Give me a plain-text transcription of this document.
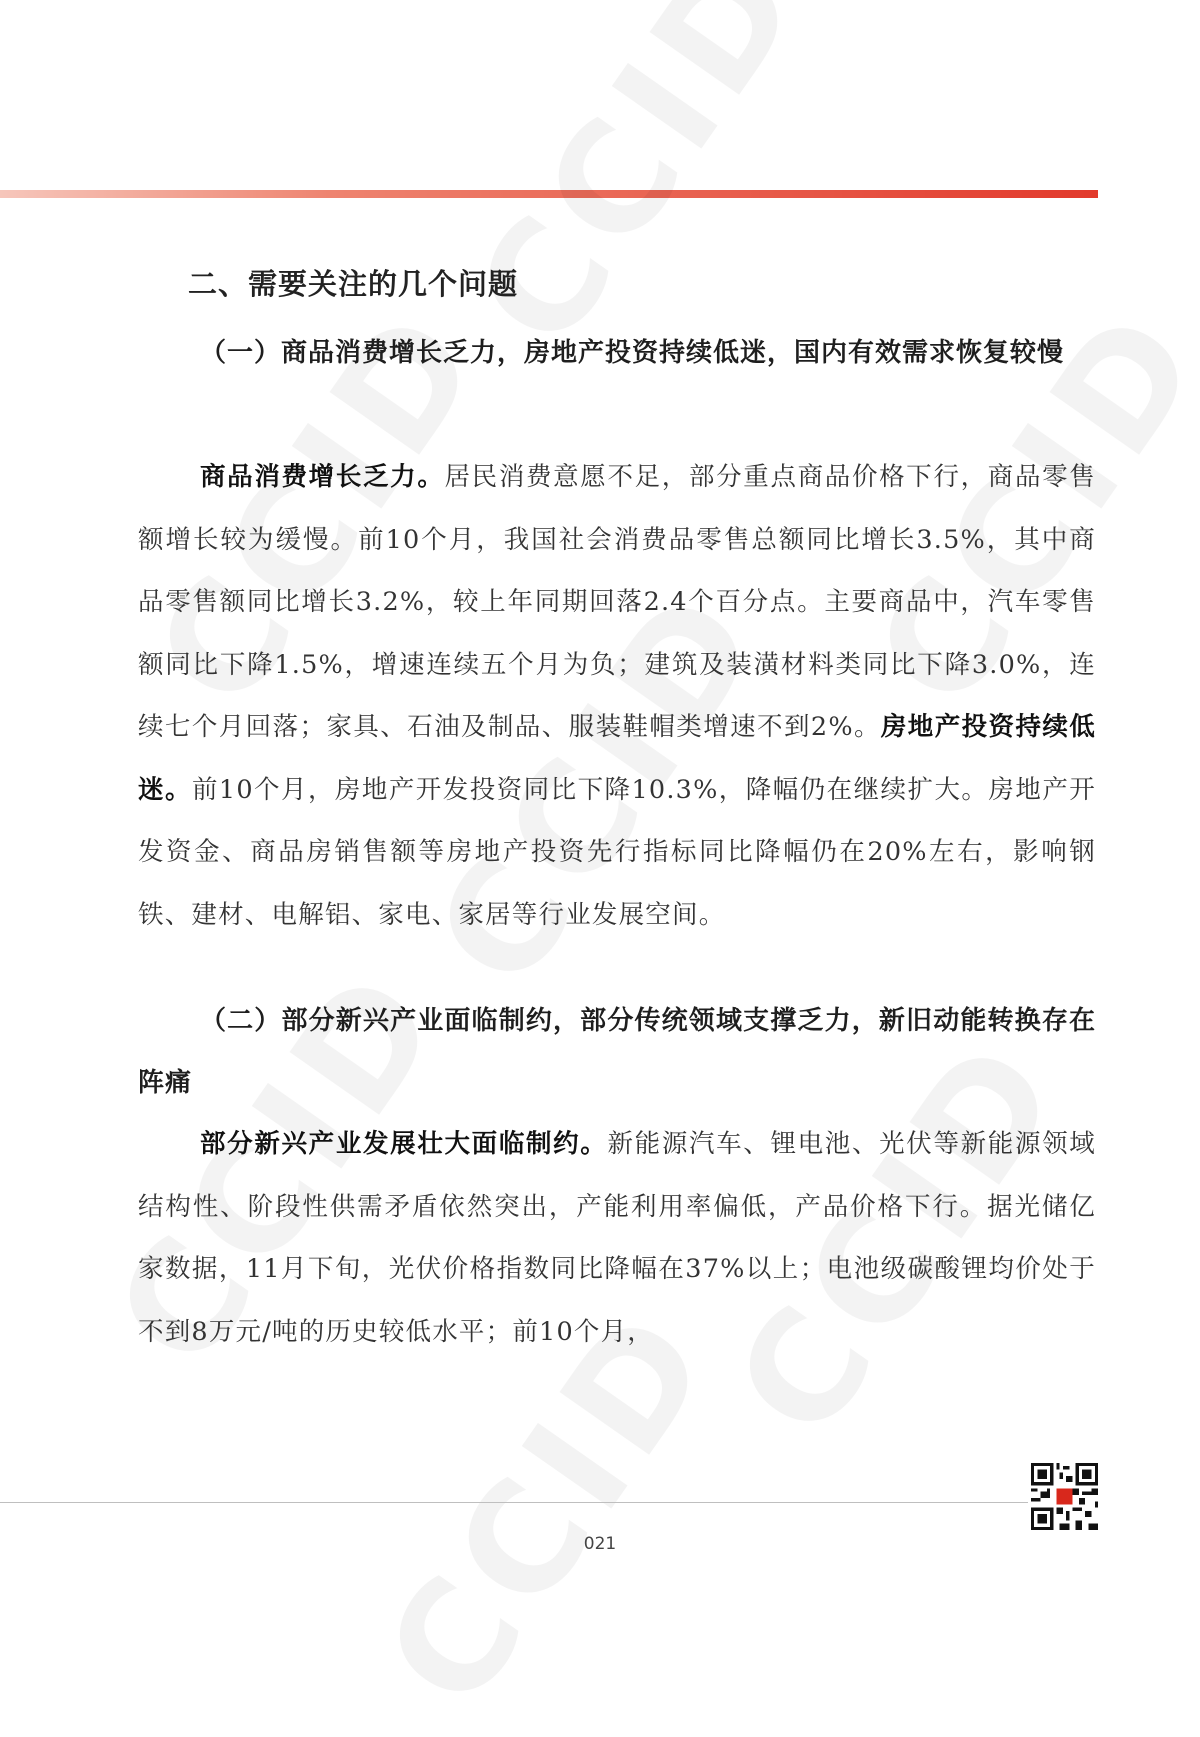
二、需要关注的几个问题
（一）商品消费增长乏力，房地产投资持续低迷，国内有效需求恢复较慢

商品消费增长乏力。居民消费意愿不足，部分重点商品价格下行，商品零售额增长较为缓慢。前10个月，我国社会消费品零售总额同比增长3.5%，其中商品零售额同比增长3.2%，较上年同期回落2.4个百分点。主要商品中，汽车零售额同比下降1.5%，增速连续五个月为负；建筑及装潢材料类同比下降3.0%，连续七个月回落；家具、石油及制品、服装鞋帽类增速不到2%。房地产投资持续低迷。前10个月，房地产开发投资同比下降10.3%，降幅仍在继续扩大。房地产开发资金、商品房销售额等房地产投资先行指标同比降幅仍在20%左右，影响钢铁、建材、电解铝、家电、家居等行业发展空间。

（二）部分新兴产业面临制约，部分传统领域支撑乏力，新旧动能转换存在阵痛

部分新兴产业发展壮大面临制约。新能源汽车、锂电池、光伏等新能源领域结构性、阶段性供需矛盾依然突出，产能利用率偏低，产品价格下行。据光储亿家数据，11月下旬，光伏价格指数同比降幅在37%以上；电池级碳酸锂均价处于不到8万元/吨的历史较低水平；前10个月，

021
